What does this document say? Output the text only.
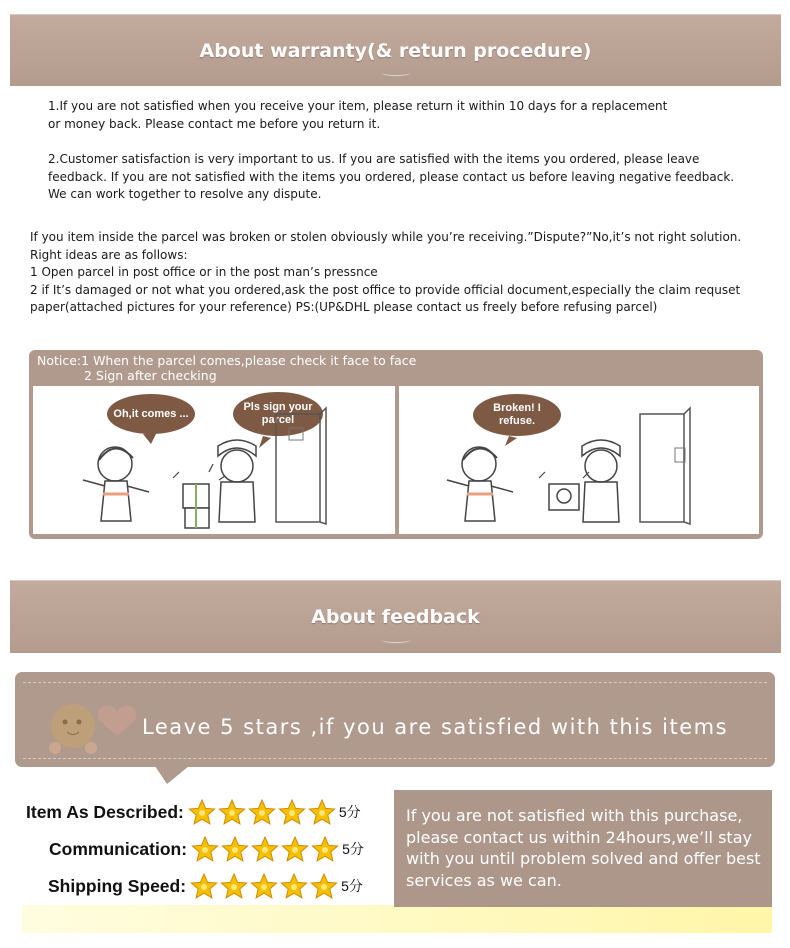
About warranty(& return procedure)
1.If you are not satisfied when you receive your item, please return it within 10 days for a replacement
or money back. Please contact me before you return it.
2.Customer satisfaction is very important to us. If you are satisfied with the items you ordered, please leave
feedback. If you are not satisfied with the items you ordered, please contact us before leaving negative feedback.
We can work together to resolve any dispute.
If you item inside the parcel was broken or stolen obviously while you’re receiving.”Dispute?”No,it’s not right solution.
Right ideas are as follows:
1 Open parcel in post office or in the post man’s pressnce
2 if It’s damaged or not what you ordered,ask the post office to provide official document,especially the claim requset
paper(attached pictures for your reference) PS:(UP&DHL please contact us freely before refusing parcel)
Notice:1 When the parcel comes,please check it face to face
2 Sign after checking
Oh,it comes ...
Pls sign your parcel
Broken! I refuse.
About feedback
Leave 5 stars ,if you are satisfied with this items
Item As Described:	5分
Communication:	5分
Shipping Speed:	5分
If you are not satisfied with this purchase,
please contact us within 24hours,we’ll stay
with you until problem solved and offer best
services as we can.
